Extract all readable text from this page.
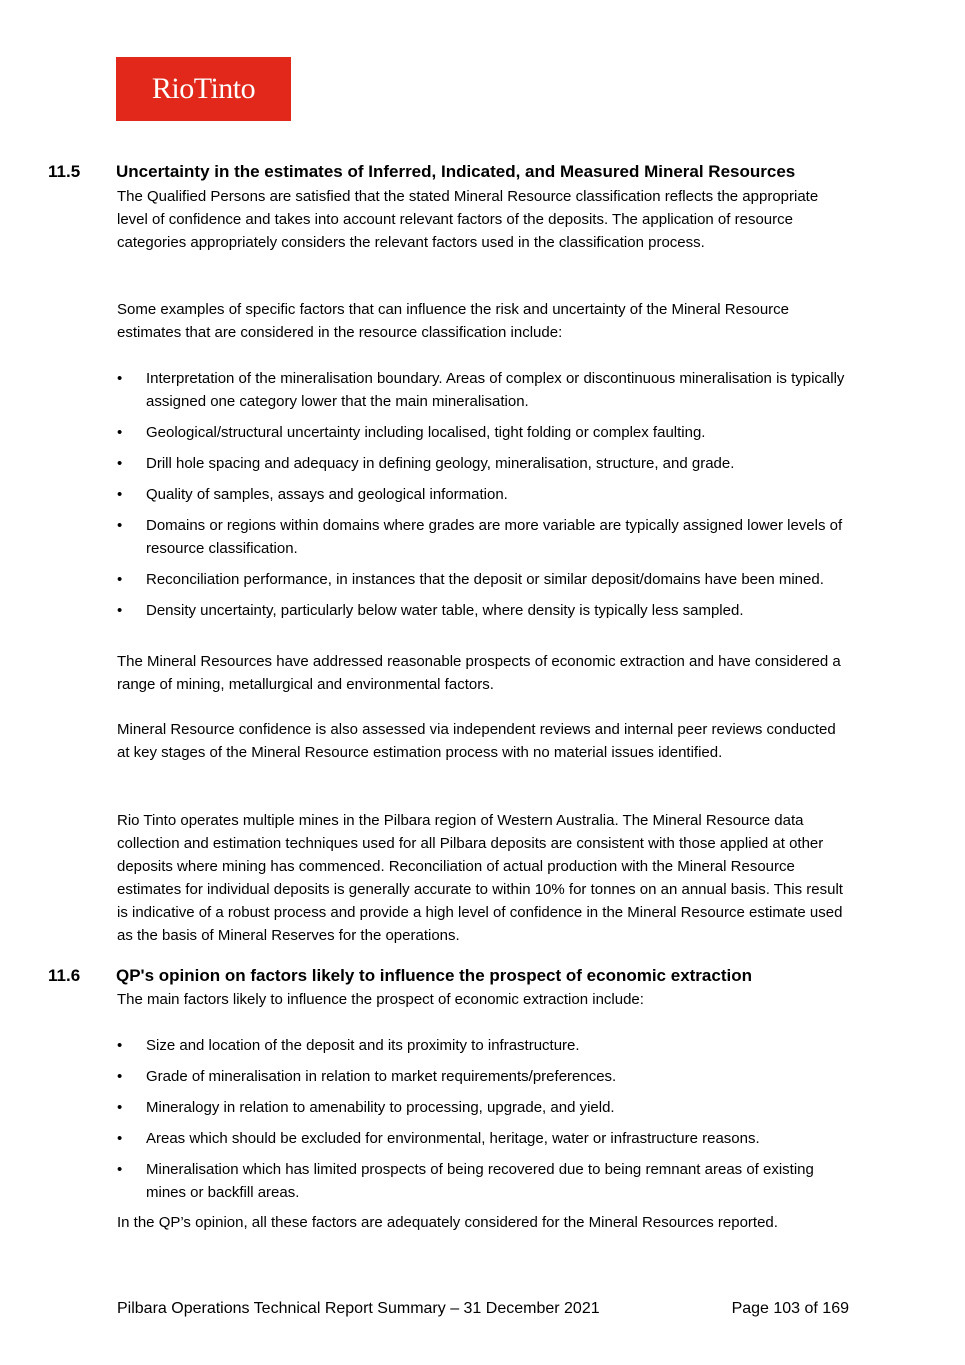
RioTinto
11.5 Uncertainty in the estimates of Inferred, Indicated, and Measured Mineral Resources

The Qualified Persons are satisfied that the stated Mineral Resource classification reflects the appropriate level of confidence and takes into account relevant factors of the deposits. The application of resource categories appropriately considers the relevant factors used in the classification process.

Some examples of specific factors that can influence the risk and uncertainty of the Mineral Resource estimates that are considered in the resource classification include:

• Interpretation of the mineralisation boundary. Areas of complex or discontinuous mineralisation is typically assigned one category lower that the main mineralisation.
• Geological/structural uncertainty including localised, tight folding or complex faulting.
• Drill hole spacing and adequacy in defining geology, mineralisation, structure, and grade.
• Quality of samples, assays and geological information.
• Domains or regions within domains where grades are more variable are typically assigned lower levels of resource classification.
• Reconciliation performance, in instances that the deposit or similar deposit/domains have been mined.
• Density uncertainty, particularly below water table, where density is typically less sampled.

The Mineral Resources have addressed reasonable prospects of economic extraction and have considered a range of mining, metallurgical and environmental factors.

Mineral Resource confidence is also assessed via independent reviews and internal peer reviews conducted at key stages of the Mineral Resource estimation process with no material issues identified.

Rio Tinto operates multiple mines in the Pilbara region of Western Australia. The Mineral Resource data collection and estimation techniques used for all Pilbara deposits are consistent with those applied at other deposits where mining has commenced. Reconciliation of actual production with the Mineral Resource estimates for individual deposits is generally accurate to within 10% for tonnes on an annual basis. This result is indicative of a robust process and provide a high level of confidence in the Mineral Resource estimate used as the basis of Mineral Reserves for the operations.

11.6 QP's opinion on factors likely to influence the prospect of economic extraction

The main factors likely to influence the prospect of economic extraction include:

• Size and location of the deposit and its proximity to infrastructure.
• Grade of mineralisation in relation to market requirements/preferences.
• Mineralogy in relation to amenability to processing, upgrade, and yield.
• Areas which should be excluded for environmental, heritage, water or infrastructure reasons.
• Mineralisation which has limited prospects of being recovered due to being remnant areas of existing mines or backfill areas.

In the QP’s opinion, all these factors are adequately considered for the Mineral Resources reported.

Pilbara Operations Technical Report Summary – 31 December 2021	Page 103 of 169
